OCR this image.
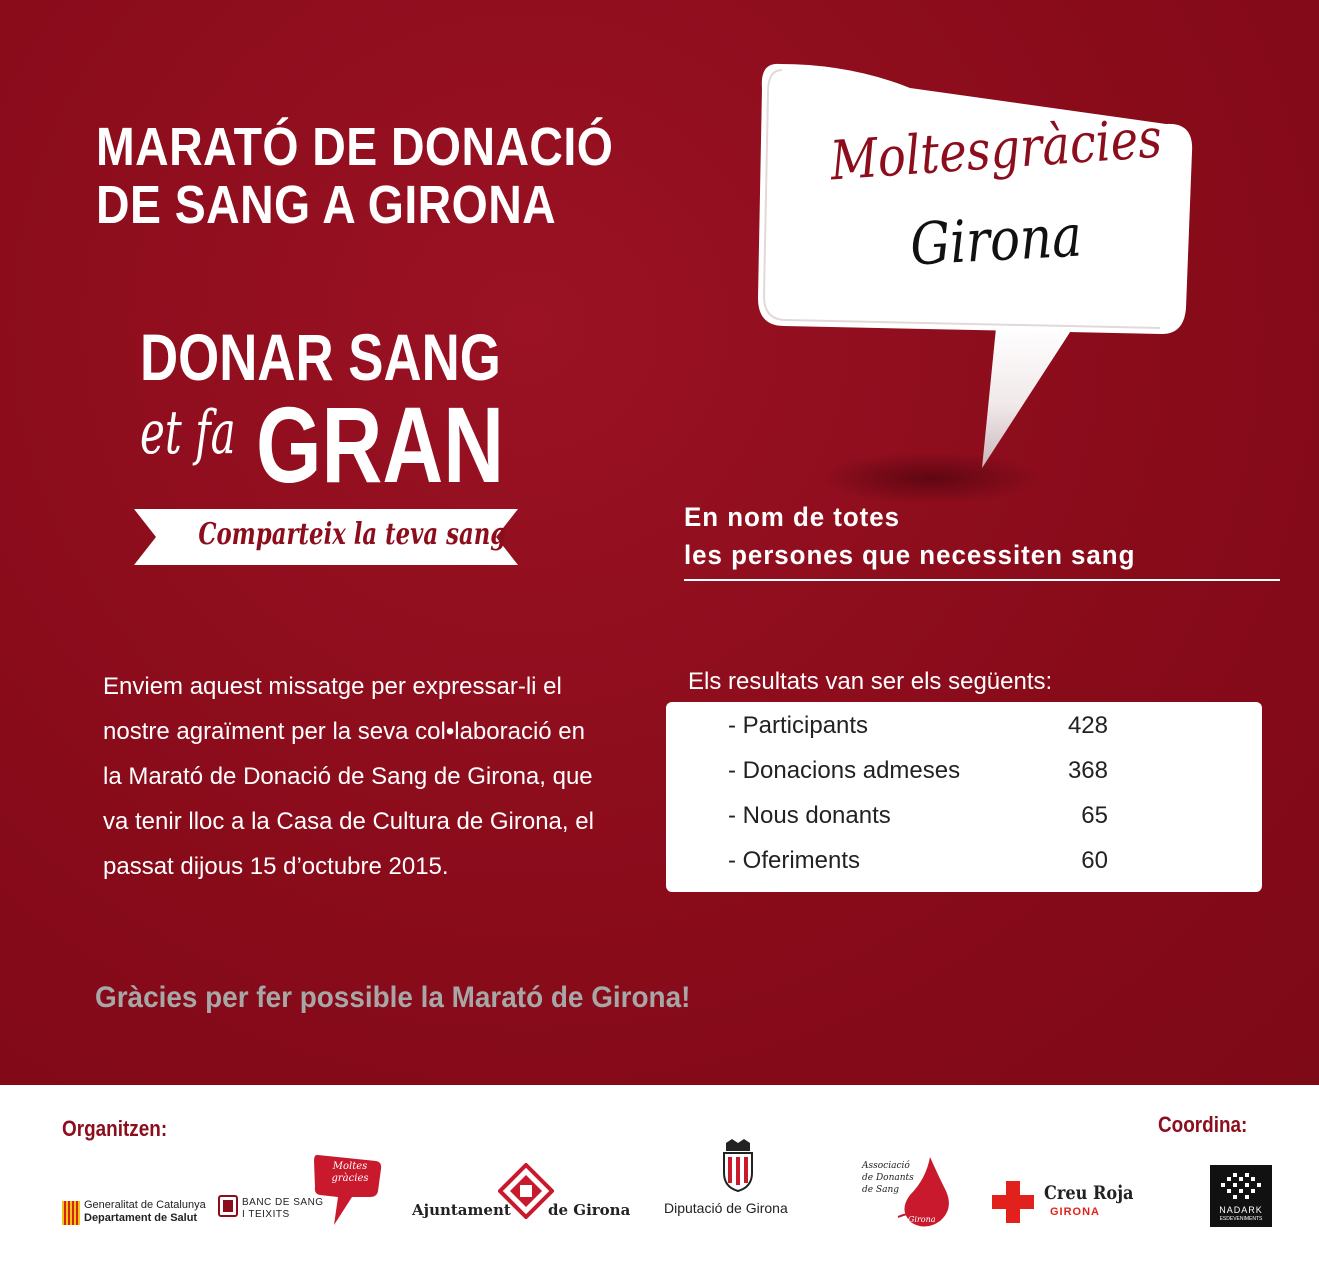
MARATÓ DE DONACIÓ
DE SANG A GIRONA
DONAR SANG
et fa GRAN
Comparteix la teva sang
Moltesgràcies
Girona
En nom de totes
les persones que necessiten sang
Enviem aquest missatge per expressar-li el
nostre agraïment per la seva col•laboració en
la Marató de Donació de Sang de Girona, que
va tenir lloc a la Casa de Cultura de Girona, el
passat dijous 15 d’octubre 2015.
Els resultats van ser els següents:
- Participants	428
- Donacions admeses	368
- Nous donants	65
- Oferiments	60
Gràcies per fer possible la Marató de Girona!
Organitzen:	Coordina:
Generalitat de Catalunya
Departament de Salut
BANC DE SANG
I TEIXITS
Moltes
gràcies
Ajuntament de Girona Diputació de Girona
Associació
de Donants
de Sang
Girona
Creu Roja
GIRONA	NADARK
ESDEVENIMENTS
